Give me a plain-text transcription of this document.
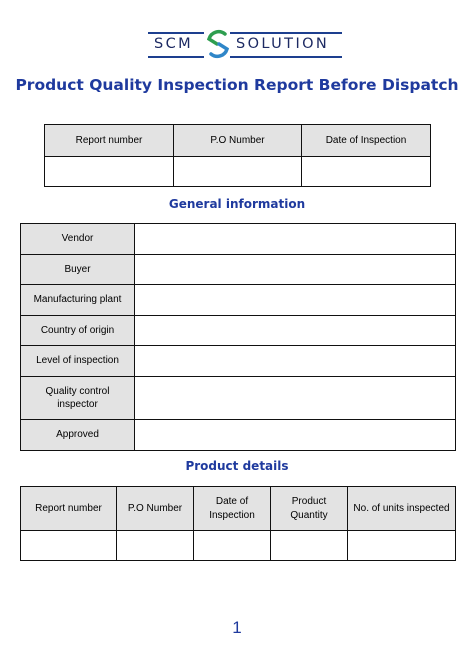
SCM	SOLUTION
Product Quality Inspection Report Before Dispatch
Report number	P.O Number	Date of Inspection

General information
Vendor	
Buyer	
Manufacturing plant	
Country of origin	
Level of inspection	
Quality control inspector	
Approved	
Product details
Report number	P.O Number	Date of Inspection	Product Quantity	No. of units inspected

1
